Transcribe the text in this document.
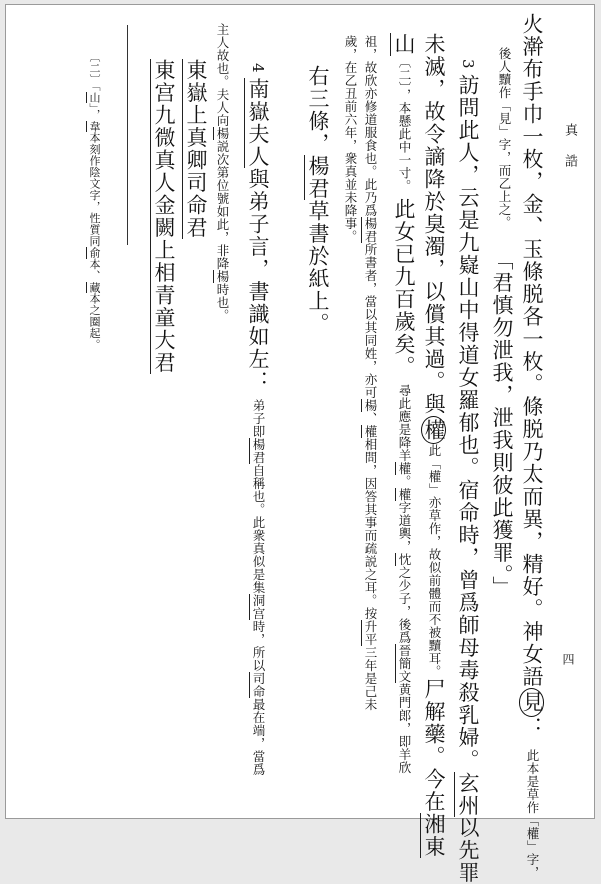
真誥
四
火澣布手巾一枚，金、玉條脱各一枚。條脱乃太而異，精好。神女語見：此本是草作「權」字，
後人黷作「見」字，而乙上之。
「君慎勿泄我，泄我則彼此獲罪。」
3訪問此人，云是九嶷山中得道女羅郁也。宿命時，曾爲師母毒殺乳婦。玄州以先罪
未滅，故令謫降於臭濁，以償其過。與權此「權」亦草作，故似前體而不被黷耳。尸解藥。今在湘東
山〔二〕，本懸此中一寸。此女已九百歲矣。尋此應是降羊權。權字道輿，忱之少子，後爲晉簡文黄門郎，即羊欣
祖，故欣亦修道服食也。此乃爲楊君所書者，當以其同姓，亦可楊、權相問，因答其事而疏説之耳。按升平三年是己未
歲，在乙丑前六年，衆真並未降事。
右三條，楊君草書於紙上。
4南嶽夫人與弟子言，書識如左：弟子即楊君自稱也。此衆真似是集洞宫時，所以司命最在端，當爲
主人故也。夫人向楊説次第位號如此，非降楊時也。
東嶽上真卿司命君
東宫九微真人金闕上相青童大君
〔二〕「山」，韋本刻作陰文字，性質同俞本、藏本之圈起。
